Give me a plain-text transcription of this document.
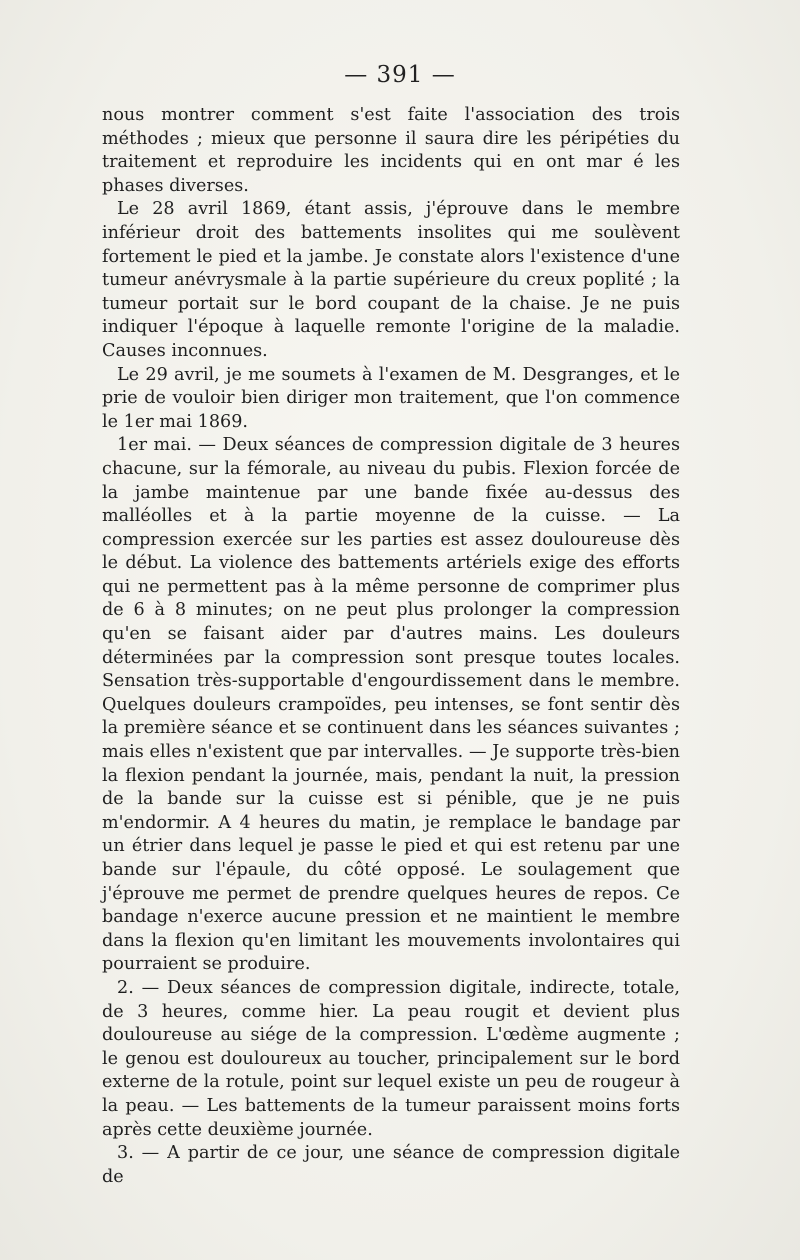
— 391 —

nous montrer comment s'est faite l'association des trois méthodes ; mieux que personne il saura dire les péripéties du traitement et reproduire les incidents qui en ont mar é les phases diverses.

Le 28 avril 1869, étant assis, j'éprouve dans le membre inférieur droit des battements insolites qui me soulèvent fortement le pied et la jambe. Je constate alors l'existence d'une tumeur anévrysmale à la partie supérieure du creux poplité ; la tumeur portait sur le bord coupant de la chaise. Je ne puis indiquer l'époque à laquelle remonte l'origine de la maladie. Causes inconnues.

Le 29 avril, je me soumets à l'examen de M. Desgranges, et le prie de vouloir bien diriger mon traitement, que l'on commence le 1er mai 1869.

1er mai. — Deux séances de compression digitale de 3 heures chacune, sur la fémorale, au niveau du pubis. Flexion forcée de la jambe maintenue par une bande fixée au-dessus des malléolles et à la partie moyenne de la cuisse. — La compression exercée sur les parties est assez douloureuse dès le début. La violence des battements artériels exige des efforts qui ne permettent pas à la même personne de comprimer plus de 6 à 8 minutes; on ne peut plus prolonger la compression qu'en se faisant aider par d'autres mains. Les douleurs déterminées par la compression sont presque toutes locales. Sensation très-supportable d'engourdissement dans le membre. Quelques douleurs crampoïdes, peu intenses, se font sentir dès la première séance et se continuent dans les séances suivantes ; mais elles n'existent que par intervalles. — Je supporte très-bien la flexion pendant la journée, mais, pendant la nuit, la pression de la bande sur la cuisse est si pénible, que je ne puis m'endormir. A 4 heures du matin, je remplace le bandage par un étrier dans lequel je passe le pied et qui est retenu par une bande sur l'épaule, du côté opposé. Le soulagement que j'éprouve me permet de prendre quelques heures de repos. Ce bandage n'exerce aucune pression et ne maintient le membre dans la flexion qu'en limitant les mouvements involontaires qui pourraient se produire.

2. — Deux séances de compression digitale, indirecte, totale, de 3 heures, comme hier. La peau rougit et devient plus douloureuse au siége de la compression. L'œdème augmente ; le genou est douloureux au toucher, principalement sur le bord externe de la rotule, point sur lequel existe un peu de rougeur à la peau. — Les battements de la tumeur paraissent moins forts après cette deuxième journée.

3. — A partir de ce jour, une séance de compression digitale de
